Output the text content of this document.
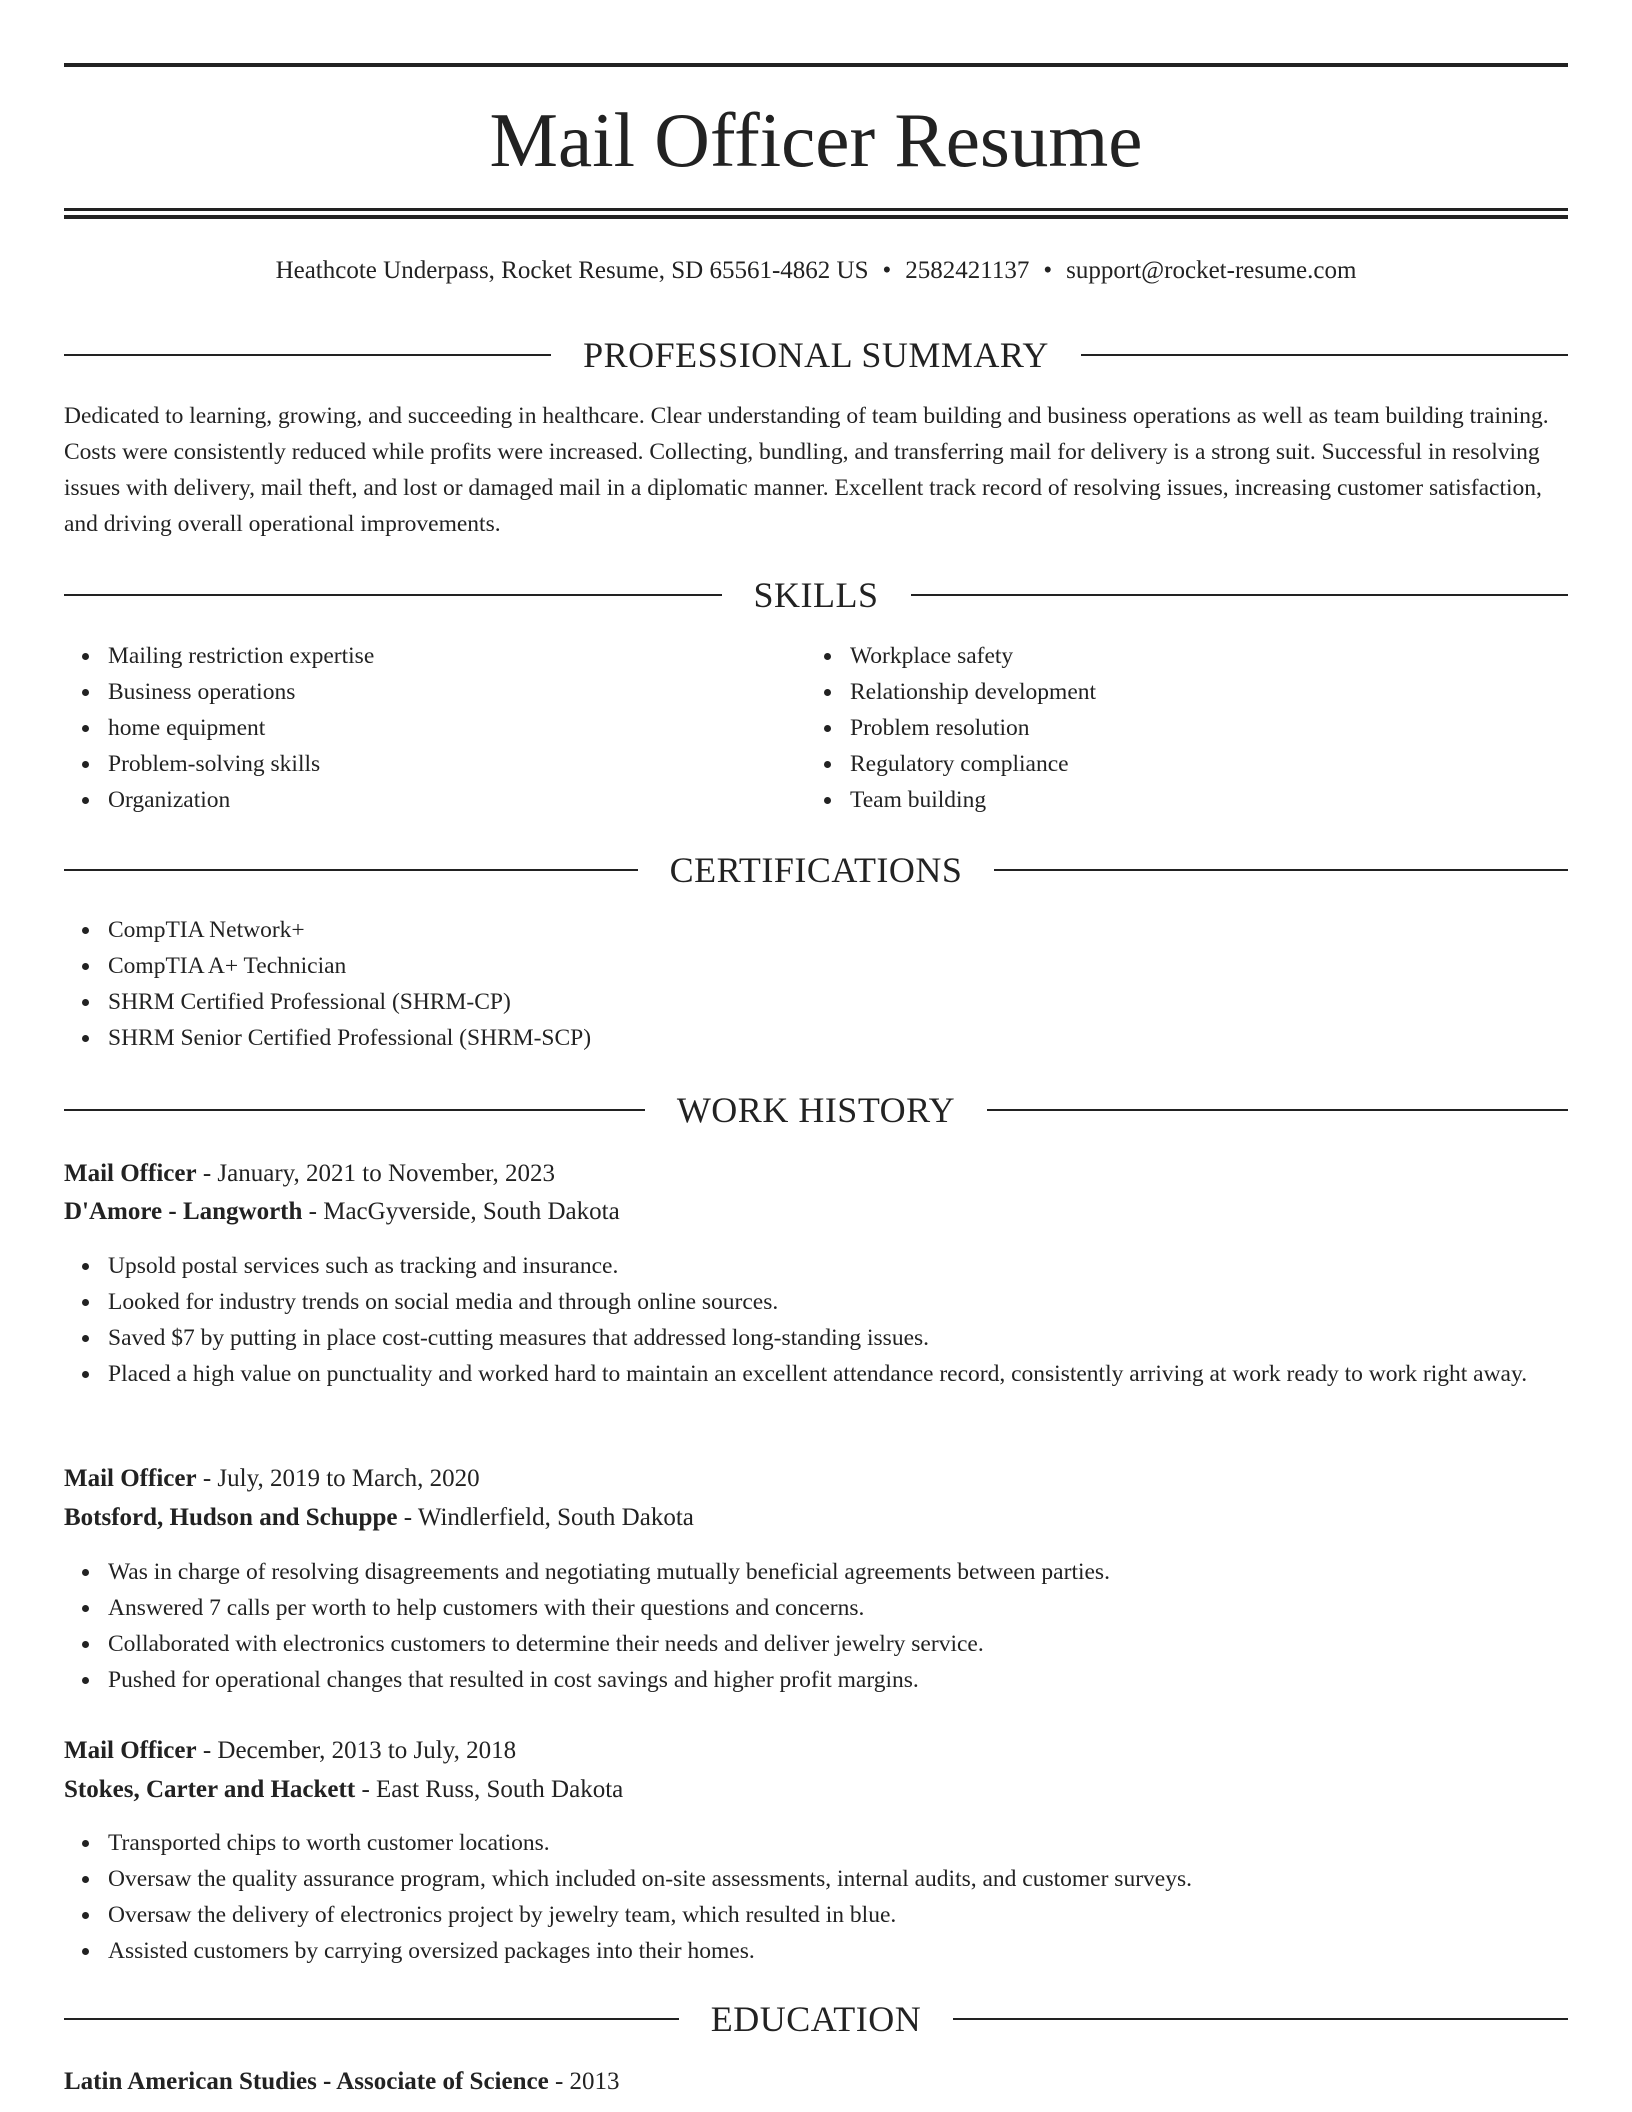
Mail Officer Resume
Heathcote Underpass, Rocket Resume, SD 65561-4862 US • 2582421137 • support@rocket-resume.com
PROFESSIONAL SUMMARY

Dedicated to learning, growing, and succeeding in healthcare. Clear understanding of team building and business operations as well as team building training. Costs were consistently reduced while profits were increased. Collecting, bundling, and transferring mail for delivery is a strong suit. Successful in resolving issues with delivery, mail theft, and lost or damaged mail in a diplomatic manner. Excellent track record of resolving issues, increasing customer satisfaction, and driving overall operational improvements.

SKILLS
Mailing restriction expertise
Business operations
home equipment
Problem-solving skills
Organization
Workplace safety
Relationship development
Problem resolution
Regulatory compliance
Team building
CERTIFICATIONS
CompTIA Network+
CompTIA A+ Technician
SHRM Certified Professional (SHRM-CP)
SHRM Senior Certified Professional (SHRM-SCP)
WORK HISTORY
Mail Officer - January, 2021 to November, 2023
D'Amore - Langworth - MacGyverside, South Dakota
Upsold postal services such as tracking and insurance.
Looked for industry trends on social media and through online sources.
Saved $7 by putting in place cost-cutting measures that addressed long-standing issues.
Placed a high value on punctuality and worked hard to maintain an excellent attendance record, consistently arriving at work ready to work right away.
Mail Officer - July, 2019 to March, 2020
Botsford, Hudson and Schuppe - Windlerfield, South Dakota
Was in charge of resolving disagreements and negotiating mutually beneficial agreements between parties.
Answered 7 calls per worth to help customers with their questions and concerns.
Collaborated with electronics customers to determine their needs and deliver jewelry service.
Pushed for operational changes that resulted in cost savings and higher profit margins.
Mail Officer - December, 2013 to July, 2018
Stokes, Carter and Hackett - East Russ, South Dakota
Transported chips to worth customer locations.
Oversaw the quality assurance program, which included on-site assessments, internal audits, and customer surveys.
Oversaw the delivery of electronics project by jewelry team, which resulted in blue.
Assisted customers by carrying oversized packages into their homes.
EDUCATION
Latin American Studies - Associate of Science - 2013
